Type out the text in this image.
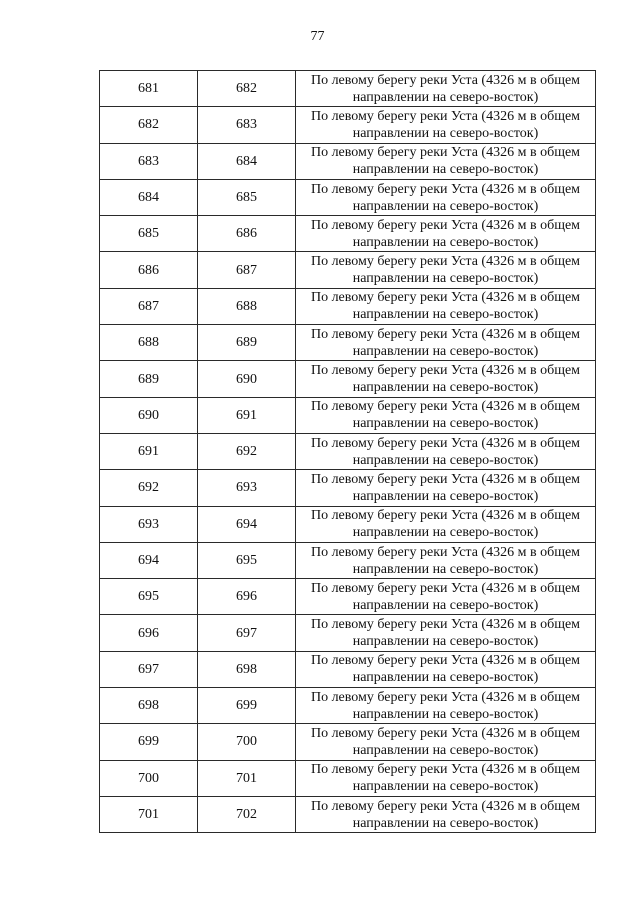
77
681	682	По левому берегу реки Уста (4326 м в общем
направлении на северо-восток)

682	683	По левому берегу реки Уста (4326 м в общем
направлении на северо-восток)

683	684	По левому берегу реки Уста (4326 м в общем
направлении на северо-восток)

684	685	По левому берегу реки Уста (4326 м в общем
направлении на северо-восток)

685	686	По левому берегу реки Уста (4326 м в общем
направлении на северо-восток)

686	687	По левому берегу реки Уста (4326 м в общем
направлении на северо-восток)

687	688	По левому берегу реки Уста (4326 м в общем
направлении на северо-восток)

688	689	По левому берегу реки Уста (4326 м в общем
направлении на северо-восток)

689	690	По левому берегу реки Уста (4326 м в общем
направлении на северо-восток)

690	691	По левому берегу реки Уста (4326 м в общем
направлении на северо-восток)

691	692	По левому берегу реки Уста (4326 м в общем
направлении на северо-восток)

692	693	По левому берегу реки Уста (4326 м в общем
направлении на северо-восток)

693	694	По левому берегу реки Уста (4326 м в общем
направлении на северо-восток)

694	695	По левому берегу реки Уста (4326 м в общем
направлении на северо-восток)

695	696	По левому берегу реки Уста (4326 м в общем
направлении на северо-восток)

696	697	По левому берегу реки Уста (4326 м в общем
направлении на северо-восток)

697	698	По левому берегу реки Уста (4326 м в общем
направлении на северо-восток)

698	699	По левому берегу реки Уста (4326 м в общем
направлении на северо-восток)

699	700	По левому берегу реки Уста (4326 м в общем
направлении на северо-восток)

700	701	По левому берегу реки Уста (4326 м в общем
направлении на северо-восток)

701	702	По левому берегу реки Уста (4326 м в общем
направлении на северо-восток)
